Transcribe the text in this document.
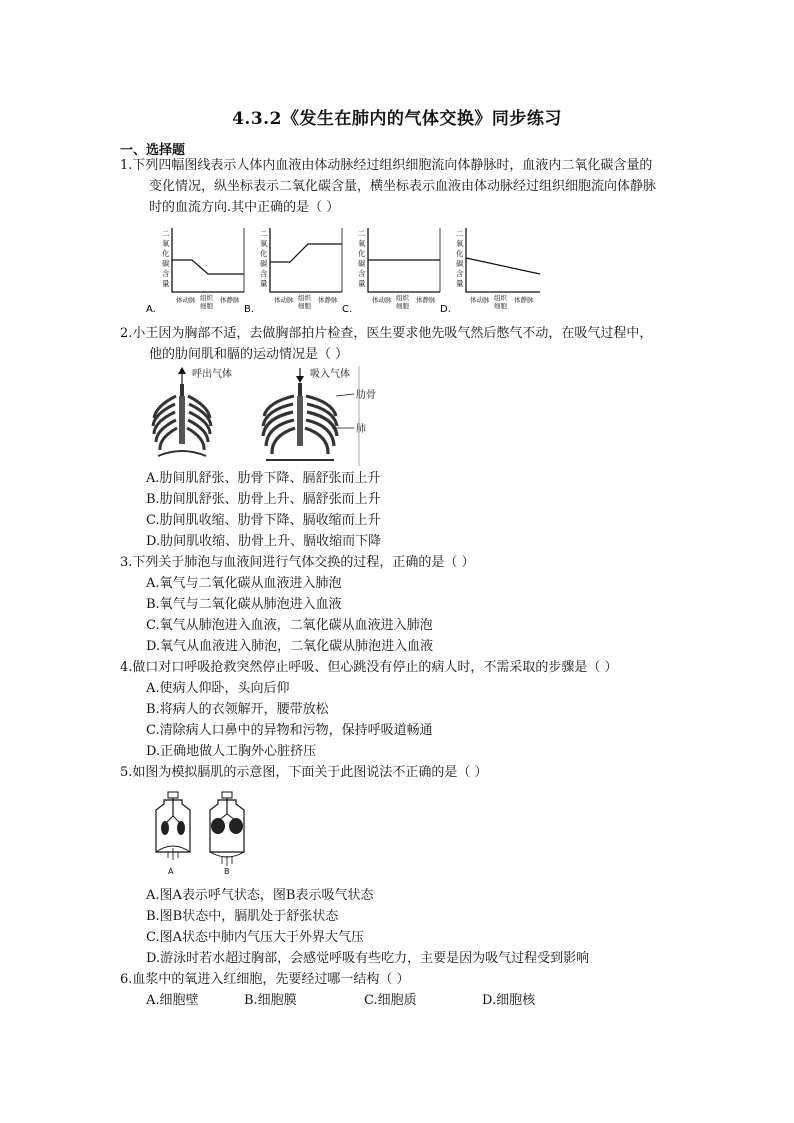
4.3.2《发生在肺内的气体交换》同步练习
一、选择题
1.下列四幅图线表示人体内血液由体动脉经过组织细胞流向体静脉时，血液内二氧化碳含量的
变化情况，纵坐标表示二氧化碳含量，横坐标表示血液由体动脉经过组织细胞流向体静脉
时的血流方向.其中正确的是（ ）
二
氧
化
碳
含
量
体动脉 组织
细胞
体静脉
A.
二
氧
化
碳
含
量
体动脉 组织
细胞
体静脉
B.
二
氧
化
碳
含
量
体动脉 组织
细胞
体静脉
C.
二
氧
化
碳
含
量
体动脉 组织
细胞
体静脉
D.
2.小王因为胸部不适，去做胸部拍片检查，医生要求他先吸气然后憋气不动，在吸气过程中，
他的肋间肌和膈的运动情况是（ ）
呼出气体	吸入气体
肋骨
肺
A.肋间肌舒张、肋骨下降、膈舒张而上升
B.肋间肌舒张、肋骨上升、膈舒张而上升
C.肋间肌收缩、肋骨下降、膈收缩而上升
D.肋间肌收缩、肋骨上升、膈收缩而下降
3.下列关于肺泡与血液间进行气体交换的过程，正确的是（ ）
A.氧气与二氧化碳从血液进入肺泡
B.氧气与二氧化碳从肺泡进入血液
C.氧气从肺泡进入血液，二氧化碳从血液进入肺泡
D.氧气从血液进入肺泡，二氧化碳从肺泡进入血液
4.做口对口呼吸抢救突然停止呼吸、但心跳没有停止的病人时，不需采取的步骤是（ ）
A.使病人仰卧，头向后仰
B.将病人的衣领解开，腰带放松
C.清除病人口鼻中的异物和污物，保持呼吸道畅通
D.正确地做人工胸外心脏挤压
5.如图为模拟膈肌的示意图，下面关于此图说法不正确的是（ ）
A	B
A.图A表示呼气状态，图B表示吸气状态
B.图B状态中，膈肌处于舒张状态
C.图A状态中肺内气压大于外界大气压
D.游泳时若水超过胸部，会感觉呼吸有些吃力，主要是因为吸气过程受到影响
6.血浆中的氧进入红细胞，先要经过哪一结构（ ）
A.细胞壁	B.细胞膜	C.细胞质	D.细胞核
